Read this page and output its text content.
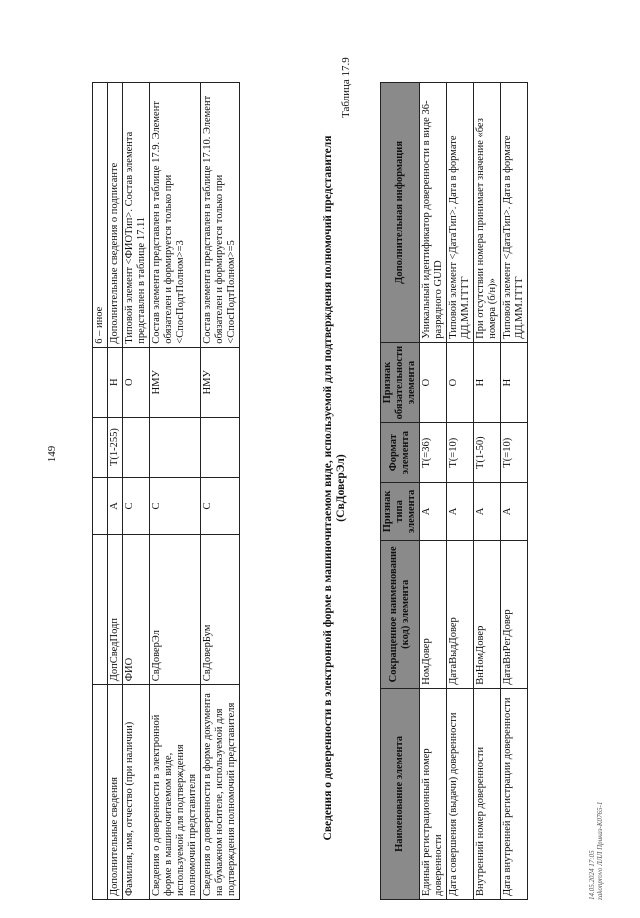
149
					6 – иное
Дополнительные сведения	ДопСведПодп	А	T(1-255)	Н	Дополнительные сведения о подписанте
Фамилия, имя, отчество (при наличии)	ФИО	С		О	Типовой элемент <ФИОТип>. Состав элемента представлен в таблице 17.11
Сведения о доверенности в электронной форме в машиночитаемом виде, используемой для подтверждения полномочий представителя	СвДоверЭл	С		НМУ	Состав элемента представлен в таблице 17.9. Элемент обязателен и формируется только при <СпосПодтПолном>=3
Сведения о доверенности в форме документа на бумажном носителе, используемой для подтверждения полномочий представителя	СвДоверБум	С		НМУ	Состав элемента представлен в таблице 17.10. Элемент обязателен и формируется только при <СпосПодтПолном>=5
Таблица 17.9
Сведения о доверенности в электронной форме в машиночитаемом виде, используемой для подтверждения полномочий представителя (СвДоверЭл)
Наименование элемента	Сокращенное наименование (код) элемента	Признак типа элемента	Формат элемента	Признак обязательности элемента	Дополнительная информация
Единый регистрационный номер доверенности	НомДовер	А	T(=36)	О	Уникальный идентификатор доверенности в виде 36-разрядного GUID
Дата совершения (выдачи) доверенности	ДатаВыдДовер	А	T(=10)	О	Типовой элемент <ДатаТип>. Дата в формате ДД.ММ.ГГГГ
Внутренний номер доверенности	ВнНомДовер	А	T(1-50)	Н	При отсутствии номера принимает значение «без номера (б/н)»
Дата внутренней регистрации доверенности	ДатаВнРегДовер	А	T(=10)	Н	Типовой элемент <ДатаТип>. Дата в формате ДД.ММ.ГГГГ
14.05.2024 17:05 zakonprovo ЛЛЛ Приказ-К0765-1
